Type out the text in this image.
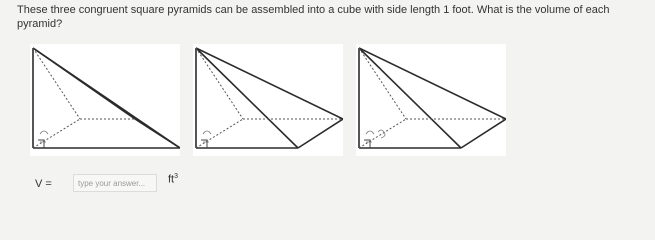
These three congruent square pyramids can be assembled into a cube with side length 1 foot. What is the volume of each pyramid?
V =
type your answer...	$ft^3$
